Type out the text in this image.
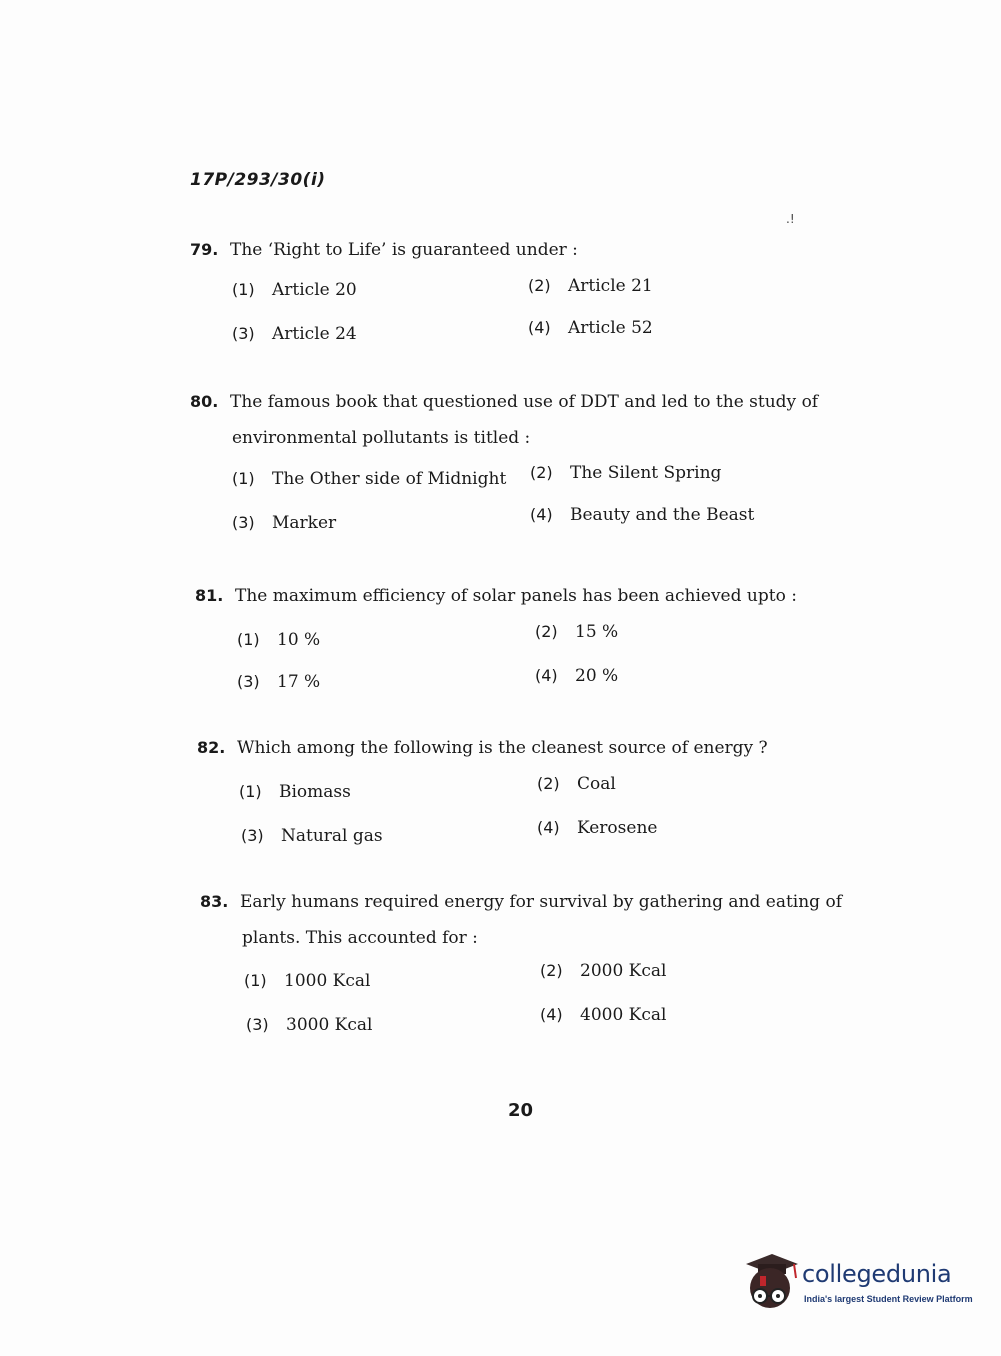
17P/293/30(i)
.!
79. The ‘Right to Life’ is guaranteed under :
(1) Article 20	(2) Article 21
(3) Article 24	(4) Article 52
80. The famous book that questioned use of DDT and led to the study of
environmental pollutants is titled :
(1) The Other side of Midnight (2) The Silent Spring
(3) Marker	(4) Beauty and the Beast
81. The maximum efficiency of solar panels has been achieved upto :
(1) 10 %	(2) 15 %
(3) 17 %	(4) 20 %
82. Which among the following is the cleanest source of energy ?
(1) Biomass	(2) Coal
(3) Natural gas	(4) Kerosene
83. Early humans required energy for survival by gathering and eating of
plants. This accounted for :
(1) 1000 Kcal
(2) 2000 Kcal
(3) 3000 Kcal
(4) 4000 Kcal
20
collegedunia
India's largest Student Review Platform
